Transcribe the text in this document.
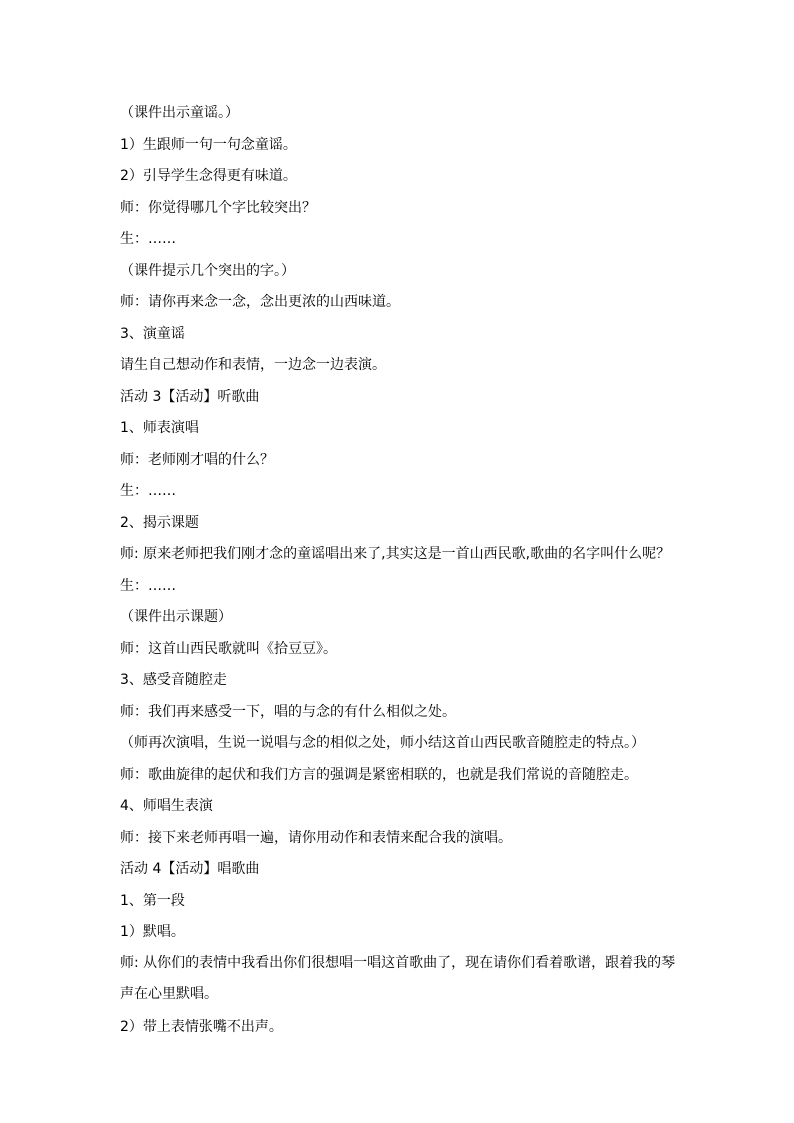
（课件出示童谣。）
1）生跟师一句一句念童谣。
2）引导学生念得更有味道。
师：你觉得哪几个字比较突出？
生：……
（课件提示几个突出的字。）
师：请你再来念一念，念出更浓的山西味道。
3、演童谣
请生自己想动作和表情，一边念一边表演。
活动 3【活动】听歌曲
1、师表演唱
师：老师刚才唱的什么？
生：……
2、揭示课题
师: 原来老师把我们刚才念的童谣唱出来了,其实这是一首山西民歌,歌曲的名字叫什么呢？
生：……
（课件出示课题）
师：这首山西民歌就叫《拾豆豆》。
3、感受音随腔走
师：我们再来感受一下，唱的与念的有什么相似之处。
（师再次演唱，生说一说唱与念的相似之处，师小结这首山西民歌音随腔走的特点。）
师：歌曲旋律的起伏和我们方言的强调是紧密相联的，也就是我们常说的音随腔走。
4、师唱生表演
师：接下来老师再唱一遍，请你用动作和表情来配合我的演唱。
活动 4【活动】唱歌曲
1、第一段
1）默唱。
师: 从你们的表情中我看出你们很想唱一唱这首歌曲了，现在请你们看着歌谱，跟着我的琴声在心里默唱。
2）带上表情张嘴不出声。
